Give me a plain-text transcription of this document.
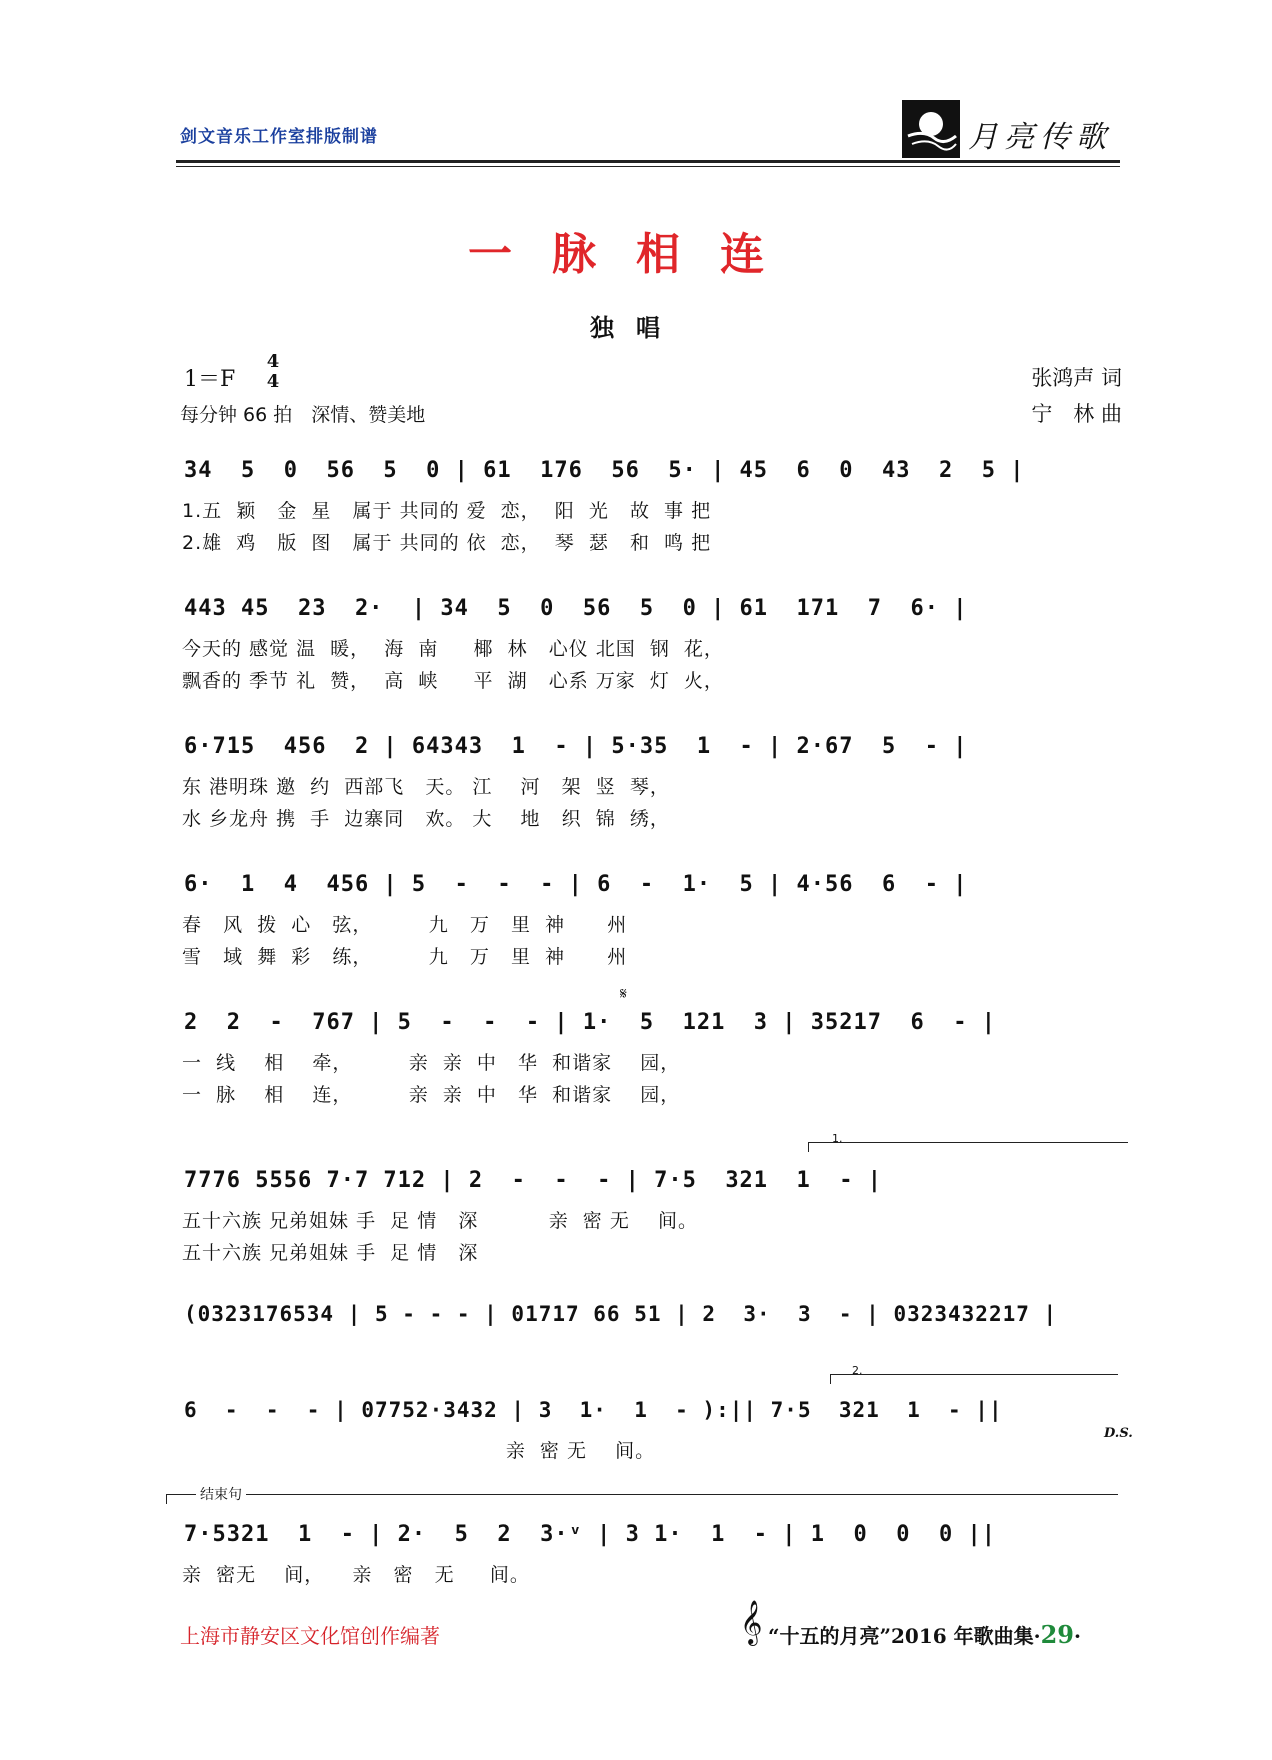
剑文音乐工作室排版制谱	月亮传歌
一脉相连
独唱
1＝F
4
4
每分钟 66 拍　深情、赞美地
张鸿声 词
宁　林 曲
34  5  0  56  5  0 | 61  176  56  5· | 45  6  0  43  2  5 |
1.五  颖   金  星   属于 共同的 爱  恋，  阳  光   故  事 把
2.雄  鸡   版  图   属于 共同的 依  恋，  琴  瑟   和  鸣 把
443 45  23  2·  | 34  5  0  56  5  0 | 61  171  7  6· |
今天的 感觉 温  暖，  海  南     椰  林   心仪 北国  钢  花，
飘香的 季节 礼  赞，  高  峡     平  湖   心系 万家  灯  火，
6·715  456  2 | 64343  1  - | 5·35  1  - | 2·67  5  - |
东 港明珠 邀  约  西部飞   天。 江    河   架  竖  琴，
水 乡龙舟 携  手  边寨同   欢。 大    地   织  锦  绣，
6·  1  4  456 | 5  -  -  - | 6  -  1·  5 | 4·56  6  - |
春   风  拨  心   弦，        九   万   里  神      州
雪   域  舞  彩   练，        九   万   里  神      州
𝄋
2  2  -  767 | 5  -  -  - | 1·  5  121  3 | 35217  6  - |
一  线    相    牵，        亲  亲  中   华  和谐家    园，
一  脉    相    连，        亲  亲  中   华  和谐家    园，
1.
7776 5556 7·7 712 | 2  -  -  - | 7·5  321  1  - |
五十六族 兄弟姐妹 手  足 情   深          亲  密 无    间。
五十六族 兄弟姐妹 手  足 情   深
(0323176534 | 5 - - - | 01717 66 51 | 2  3·  3  - | 0323432217 |
2.
6  -  -  - | 07752·3432 | 3  1·  1  - ):|| 7·5  321  1  - ||
D.S.
亲  密 无    间。
结束句
7·5321  1  - | 2·  5  2  3·ᵛ | 3 1·  1  - | 1  0  0  0 ||
亲  密无    间，    亲   密   无     间。
上海市静安区文化馆创作编著	𝄞 “十五的月亮”2016 年歌曲集·29·
